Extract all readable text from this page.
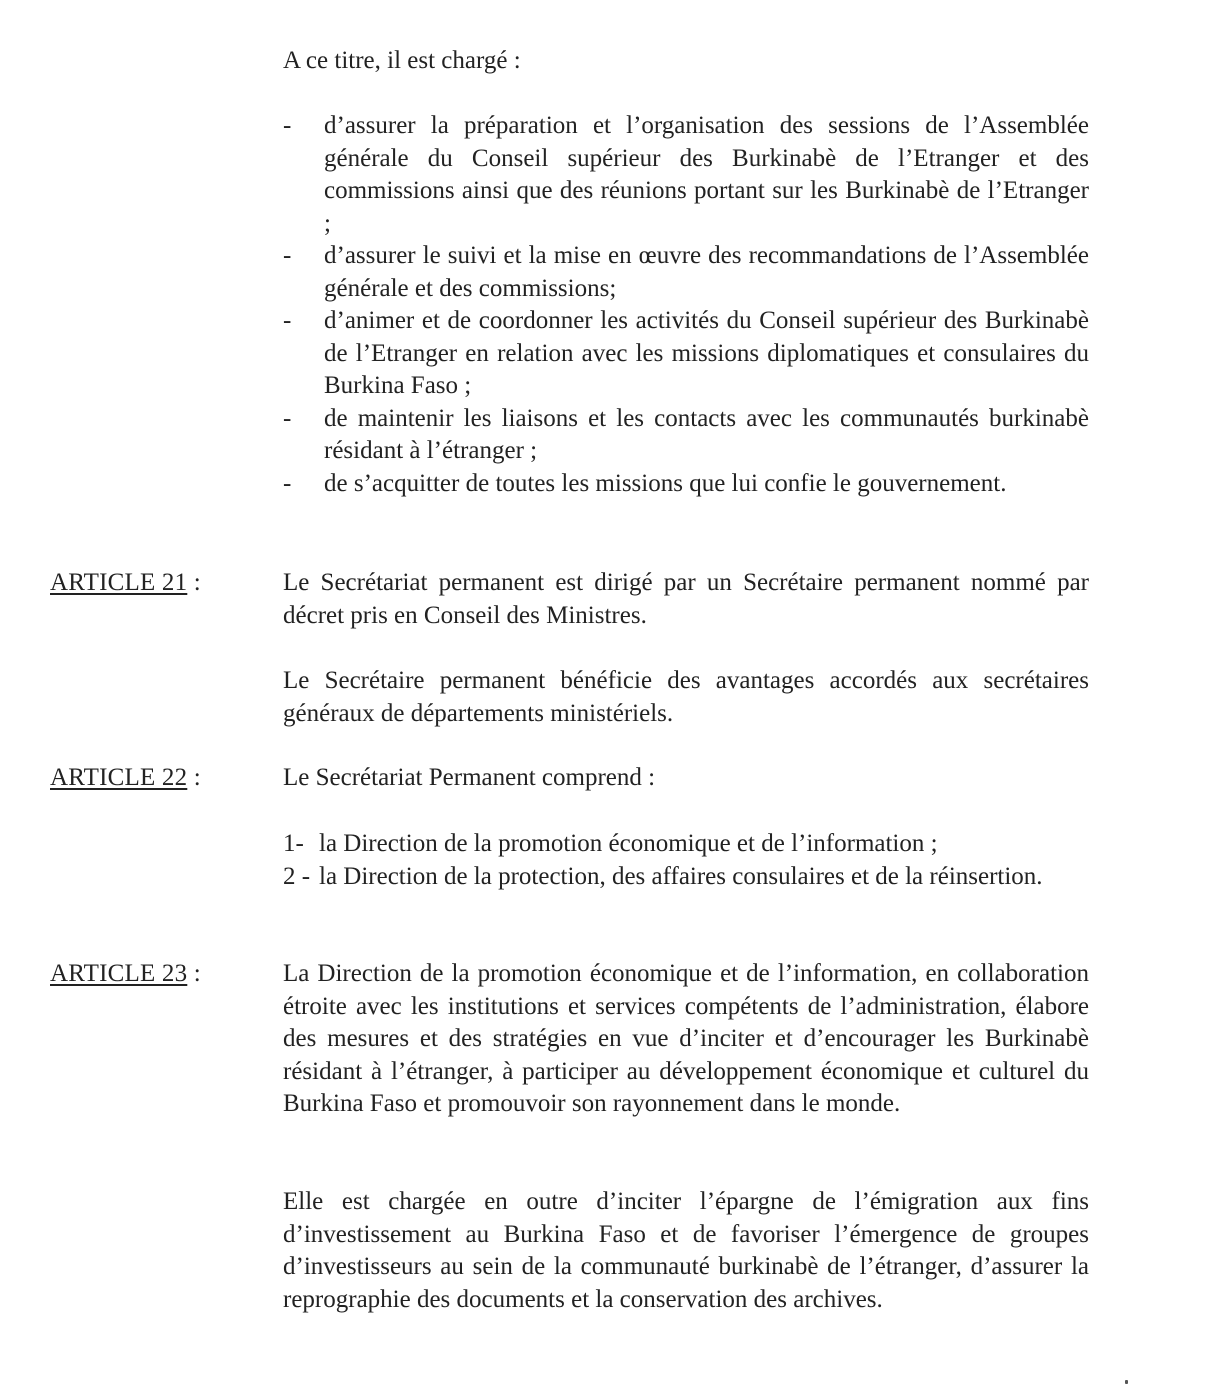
A ce titre, il est chargé :
- d’assurer la préparation et l’organisation des sessions de l’Assemblée générale du Conseil supérieur des Burkinabè de l’Etranger et des commissions ainsi que des réunions portant sur les Burkinabè de l’Etranger ;
- d’assurer le suivi et la mise en œuvre des recommandations de l’Assemblée générale et des commissions;
- d’animer et de coordonner les activités du Conseil supérieur des Burkinabè de l’Etranger en relation avec les missions diplomatiques et consulaires du Burkina Faso ;
- de maintenir les liaisons et les contacts avec les communautés burkinabè résidant à l’étranger ;
- de s’acquitter de toutes les missions que lui confie le gouvernement.
ARTICLE 21 :	Le Secrétariat permanent est dirigé par un Secrétaire permanent nommé par décret pris en Conseil des Ministres.

Le Secrétaire permanent bénéficie des avantages accordés aux secrétaires généraux de départements ministériels.

ARTICLE 22 :	Le Secrétariat Permanent comprend :

1- la Direction de la promotion économique et de l’information ;
2 - la Direction de la protection, des affaires consulaires et de la réinsertion.
ARTICLE 23 :	La Direction de la promotion économique et de l’information, en collaboration étroite avec les institutions et services compétents de l’administration, élabore des mesures et des stratégies en vue d’inciter et d’encourager les Burkinabè résidant à l’étranger, à participer au développement économique et culturel du Burkina Faso et promouvoir son rayonnement dans le monde.

Elle est chargée en outre d’inciter l’épargne de l’émigration aux fins d’investissement au Burkina Faso et de favoriser l’émergence de groupes d’investisseurs au sein de la communauté burkinabè de l’étranger, d’assurer la reprographie des documents et la conservation des archives.
